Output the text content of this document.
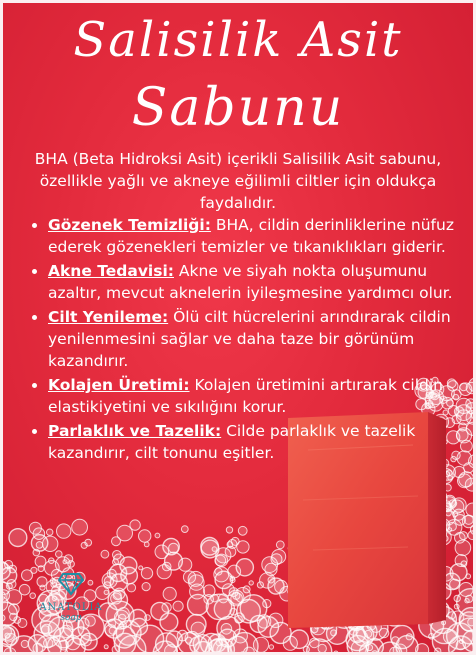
Salisilik Asit
Sabunu
BHA (Beta Hidroksi Asit) içerikli Salisilik Asit sabunu, özellikle yağlı ve akneye eğilimli ciltler için oldukça faydalıdır.
• Gözenek Temizliği: BHA, cildin derinliklerine nüfuz ederek gözenekleri temizler ve tıkanıklıkları giderir.
• Akne Tedavisi: Akne ve siyah nokta oluşumunu azaltır, mevcut aknelerin iyileşmesine yardımcı olur.
• Cilt Yenileme: Ölü cilt hücrelerini arındırarak cildin yenilenmesini sağlar ve daha taze bir görünüm kazandırır.
• Kolajen Üretimi: Kolajen üretimini artırarak cildin elastikiyetini ve sıkılığını korur.
• Parlaklık ve Tazelik: Cilde parlaklık ve tazelik kazandırır, cilt tonunu eşitler.
ANATOLIA
soap
